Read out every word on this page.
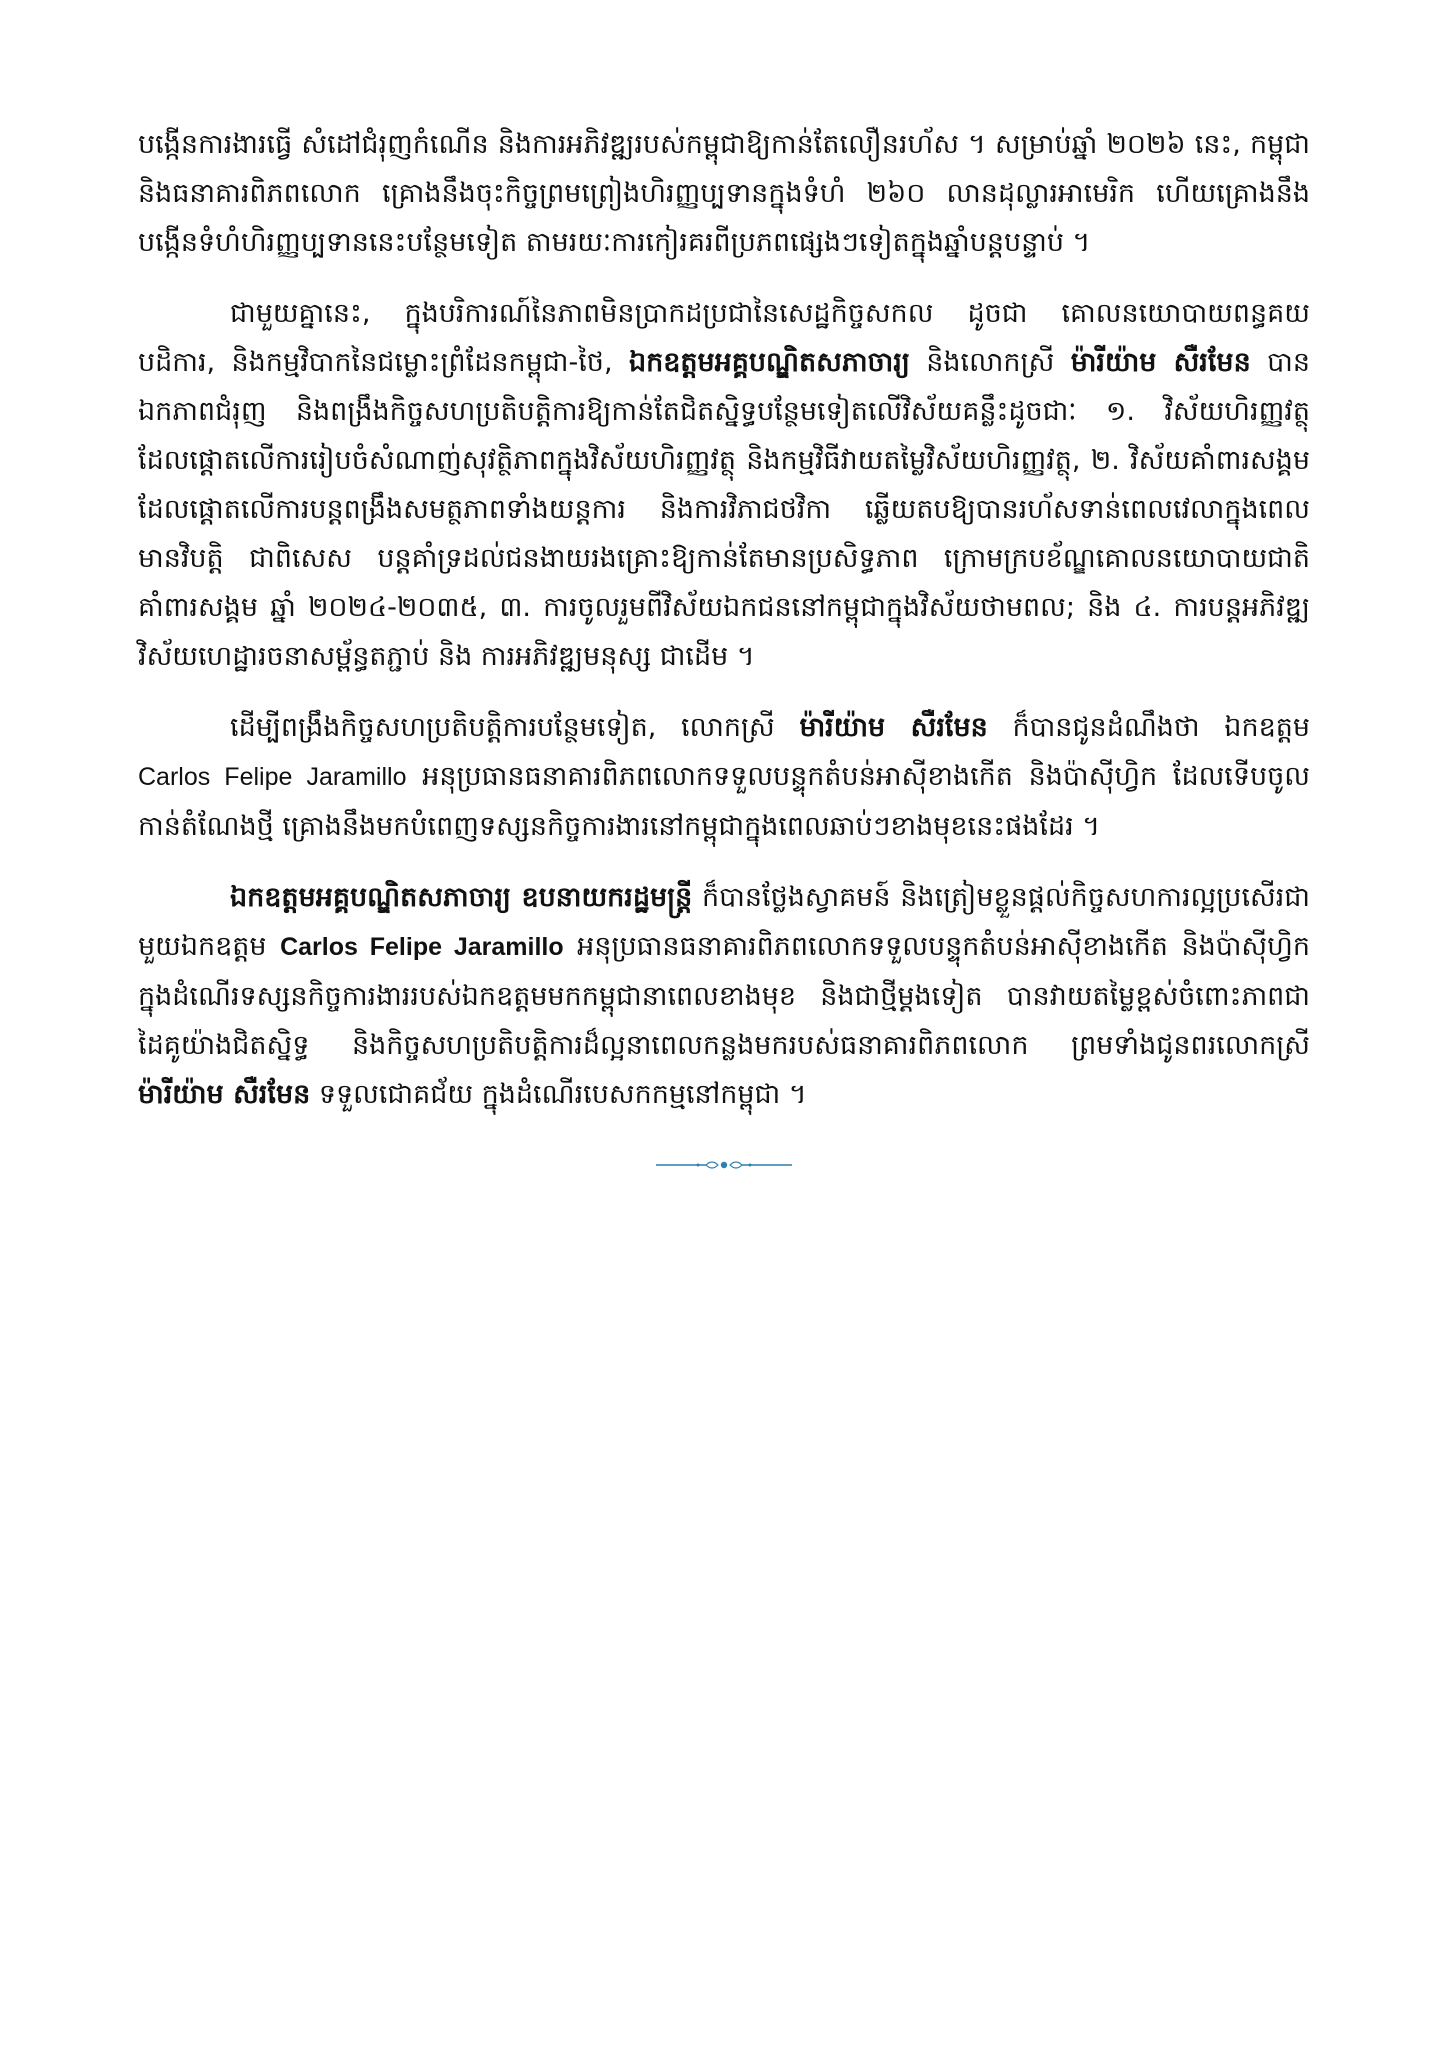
បង្កើនការងារធ្វើ សំដៅជំរុញកំណើន និងការអភិវឌ្ឍរបស់កម្ពុជាឱ្យកាន់តែលឿនរហ័ស ។ សម្រាប់ឆ្នាំ ២០២៦ នេះ, កម្ពុជា និងធនាគារពិភពលោក គ្រោងនឹងចុះកិច្ចព្រមព្រៀងហិរញ្ញប្បទានក្នុងទំហំ ២៦០ លានដុល្លារអាមេរិក ហើយគ្រោងនឹងបង្កើនទំហំហិរញ្ញប្បទាននេះបន្ថែមទៀត តាមរយៈការកៀរគរពីប្រភពផ្សេងៗទៀតក្នុងឆ្នាំបន្តបន្ទាប់ ។

ជាមួយគ្នានេះ, ក្នុងបរិការណ៍នៃភាពមិនប្រាកដប្រជានៃសេដ្ឋកិច្ចសកល ដូចជា គោលនយោបាយពន្ធគយបដិការ, និងកម្មវិបាកនៃជម្លោះព្រំដែនកម្ពុជា-ថៃ, ឯកឧត្តមអគ្គបណ្ឌិតសភាចារ្យ និងលោកស្រី ម៉ារីយ៉ាម សឺរមែន បានឯកភាពជំរុញ និងពង្រឹងកិច្ចសហប្រតិបត្តិការឱ្យកាន់តែជិតស្និទ្ធបន្ថែមទៀតលើវិស័យគន្លឹះដូចជាៈ ១. វិស័យហិរញ្ញវត្ថុ ដែលផ្តោតលើការរៀបចំសំណាញ់សុវត្ថិភាពក្នុងវិស័យហិរញ្ញវត្ថុ និងកម្មវិធីវាយតម្លៃវិស័យហិរញ្ញវត្ថុ, ២. វិស័យគាំពារសង្គម ដែលផ្តោតលើការបន្តពង្រឹងសមត្ថភាពទាំងយន្តការ និងការវិភាជថវិកា ឆ្លើយតបឱ្យបានរហ័សទាន់ពេលវេលាក្នុងពេលមានវិបត្តិ ជាពិសេស បន្តគាំទ្រដល់ជនងាយរងគ្រោះឱ្យកាន់តែមានប្រសិទ្ធភាព ក្រោមក្របខ័ណ្ឌគោលនយោបាយជាតិគាំពារសង្គម ឆ្នាំ ២០២៤-២០៣៥, ៣. ការចូលរួមពីវិស័យឯកជននៅកម្ពុជាក្នុងវិស័យថាមពល; និង ៤. ការបន្តអភិវឌ្ឍវិស័យហេដ្ឋារចនាសម្ព័ន្ធតភ្ជាប់ និង ការអភិវឌ្ឍមនុស្ស ជាដើម ។

ដើម្បីពង្រឹងកិច្ចសហប្រតិបត្តិការបន្ថែមទៀត, លោកស្រី ម៉ារីយ៉ាម សឺរមែន ក៏បានជូនដំណឹងថា ឯកឧត្តម Carlos Felipe Jaramillo អនុប្រធានធនាគារពិភពលោកទទួលបន្ទុកតំបន់អាស៊ីខាងកើត និងប៉ាស៊ីហ្វិក ដែលទើបចូលកាន់តំណែងថ្មី គ្រោងនឹងមកបំពេញទស្សនកិច្ចការងារនៅកម្ពុជាក្នុងពេលឆាប់ៗខាងមុខនេះផងដែរ ។

ឯកឧត្តមអគ្គបណ្ឌិតសភាចារ្យ ឧបនាយករដ្ឋមន្ត្រី ក៏បានថ្លែងស្វាគមន៍ និងត្រៀមខ្លួនផ្តល់កិច្ចសហការល្អប្រសើរជាមួយឯកឧត្តម Carlos Felipe Jaramillo អនុប្រធានធនាគារពិភពលោកទទួលបន្ទុកតំបន់អាស៊ីខាងកើត និងប៉ាស៊ីហ្វិក ក្នុងដំណើរទស្សនកិច្ចការងាររបស់ឯកឧត្តមមកកម្ពុជានាពេលខាងមុខ និងជាថ្មីម្តងទៀត បានវាយតម្លៃខ្ពស់ចំពោះភាពជាដៃគូយ៉ាងជិតស្និទ្ធ និងកិច្ចសហប្រតិបត្តិការដ៏ល្អនាពេលកន្លងមករបស់ធនាគារពិភពលោក ព្រមទាំងជូនពរលោកស្រី ម៉ារីយ៉ាម សឺរមែន ទទួលជោគជ័យ ក្នុងដំណើរបេសកកម្មនៅកម្ពុជា ។
